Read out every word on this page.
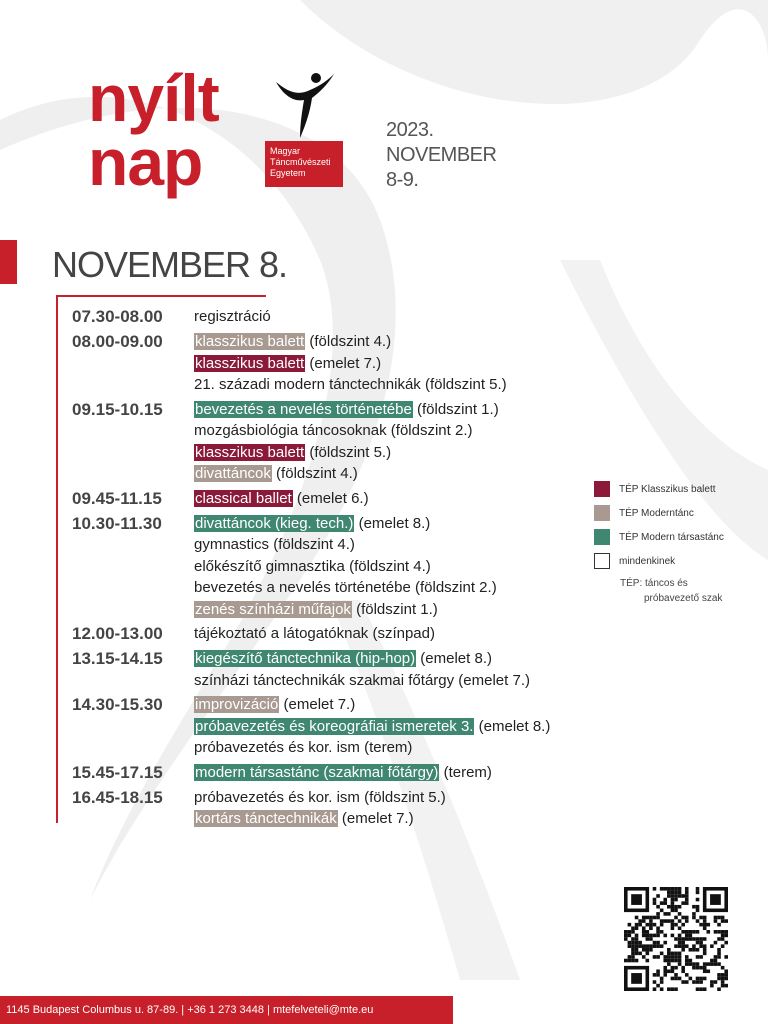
nyílt
nap	Magyar
Táncművészeti
Egyetem
2023.
NOVEMBER
8-9.
NOVEMBER 8.
07.30-08.00	regisztráció
08.00-09.00	klasszikus balett (földszint 4.)
klasszikus balett (emelet 7.)
21. századi modern tánctechnikák (földszint 5.)
09.15-10.15	bevezetés a nevelés történetébe (földszint 1.)
mozgásbiológia táncosoknak (földszint 2.)
klasszikus balett (földszint 5.)
divattáncok (földszint 4.)
09.45-11.15	classical ballet (emelet 6.)
10.30-11.30	divattáncok (kieg. tech.) (emelet 8.)
gymnastics (földszint 4.)
előkészítő gimnasztika (földszint 4.)
bevezetés a nevelés történetébe (földszint 2.)
zenés színházi műfajok (földszint 1.)
12.00-13.00	tájékoztató a látogatóknak (színpad)
13.15-14.15	kiegészítő tánctechnika (hip-hop) (emelet 8.)
színházi tánctechnikák szakmai főtárgy (emelet 7.)
14.30-15.30	improvizáció (emelet 7.)
próbavezetés és koreográfiai ismeretek 3. (emelet 8.)
próbavezetés és kor. ism (terem)
15.45-17.15	modern társastánc (szakmai főtárgy) (terem)
16.45-18.15	próbavezetés és kor. ism (földszint 5.)
kortárs tánctechnikák (emelet 7.)
TÉP Klasszikus balett
TÉP Moderntánc
TÉP Modern társastánc
mindenkinek
TÉP: táncos és
próbavezető szak
1145 Budapest Columbus u. 87-89. | +36 1 273 3448 | mtefelveteli@mte.eu
